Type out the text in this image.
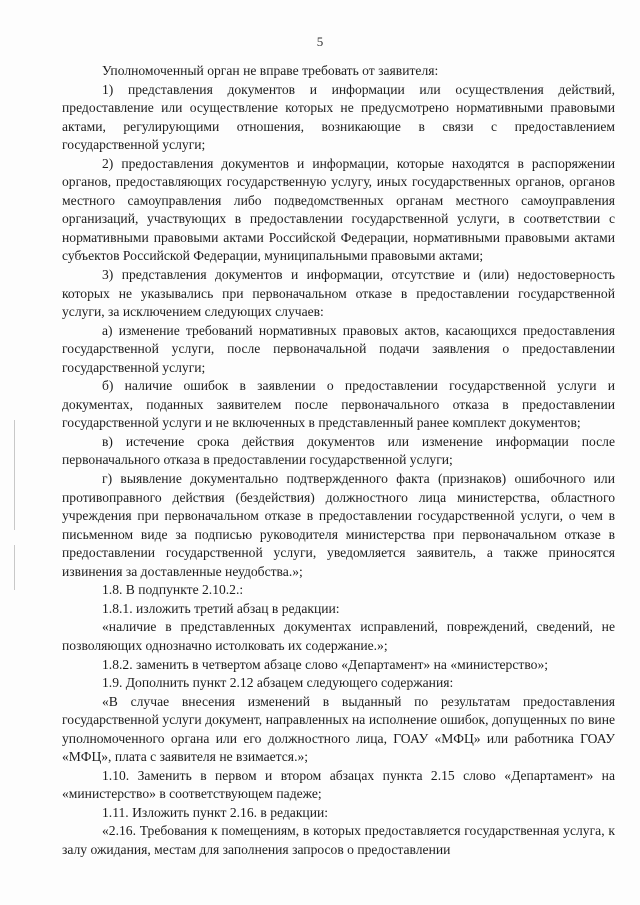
5

Уполномоченный орган не вправе требовать от заявителя:

1) представления документов и информации или осуществления действий, предоставление или осуществление которых не предусмотрено нормативными правовыми актами, регулирующими отношения, возникающие в связи с предоставлением государственной услуги;

2) предоставления документов и информации, которые находятся в распоряжении органов, предоставляющих государственную услугу, иных государственных органов, органов местного самоуправления либо подведомственных органам местного самоуправления организаций, участвующих в предоставлении государственной услуги, в соответствии с нормативными правовыми актами Российской Федерации, нормативными правовыми актами субъектов Российской Федерации, муниципальными правовыми актами;

3) представления документов и информации, отсутствие и (или) недостоверность которых не указывались при первоначальном отказе в предоставлении государственной услуги, за исключением следующих случаев:

а) изменение требований нормативных правовых актов, касающихся предоставления государственной услуги, после первоначальной подачи заявления о предоставлении государственной услуги;

б) наличие ошибок в заявлении о предоставлении государственной услуги и документах, поданных заявителем после первоначального отказа в предоставлении государственной услуги и не включенных в представленный ранее комплект документов;

в) истечение срока действия документов или изменение информации после первоначального отказа в предоставлении государственной услуги;

г) выявление документально подтвержденного факта (признаков) ошибочного или противоправного действия (бездействия) должностного лица министерства, областного учреждения при первоначальном отказе в предоставлении государственной услуги, о чем в письменном виде за подписью руководителя министерства при первоначальном отказе в предоставлении государственной услуги, уведомляется заявитель, а также приносятся извинения за доставленные неудобства.»;

1.8. В подпункте 2.10.2.:

1.8.1. изложить третий абзац в редакции:

«наличие в представленных документах исправлений, повреждений, сведений, не позволяющих однозначно истолковать их содержание.»;

1.8.2. заменить в четвертом абзаце слово «Департамент» на «министерство»;

1.9. Дополнить пункт 2.12 абзацем следующего содержания:

«В случае внесения изменений в выданный по результатам предоставления государственной услуги документ, направленных на исполнение ошибок, допущенных по вине уполномоченного органа или его должностного лица, ГОАУ «МФЦ» или работника ГОАУ «МФЦ», плата с заявителя не взимается.»;

1.10. Заменить в первом и втором абзацах пункта 2.15 слово «Департамент» на «министерство» в соответствующем падеже;

1.11. Изложить пункт 2.16. в редакции:

«2.16. Требования к помещениям, в которых предоставляется государственная услуга, к залу ожидания, местам для заполнения запросов о предоставлении
